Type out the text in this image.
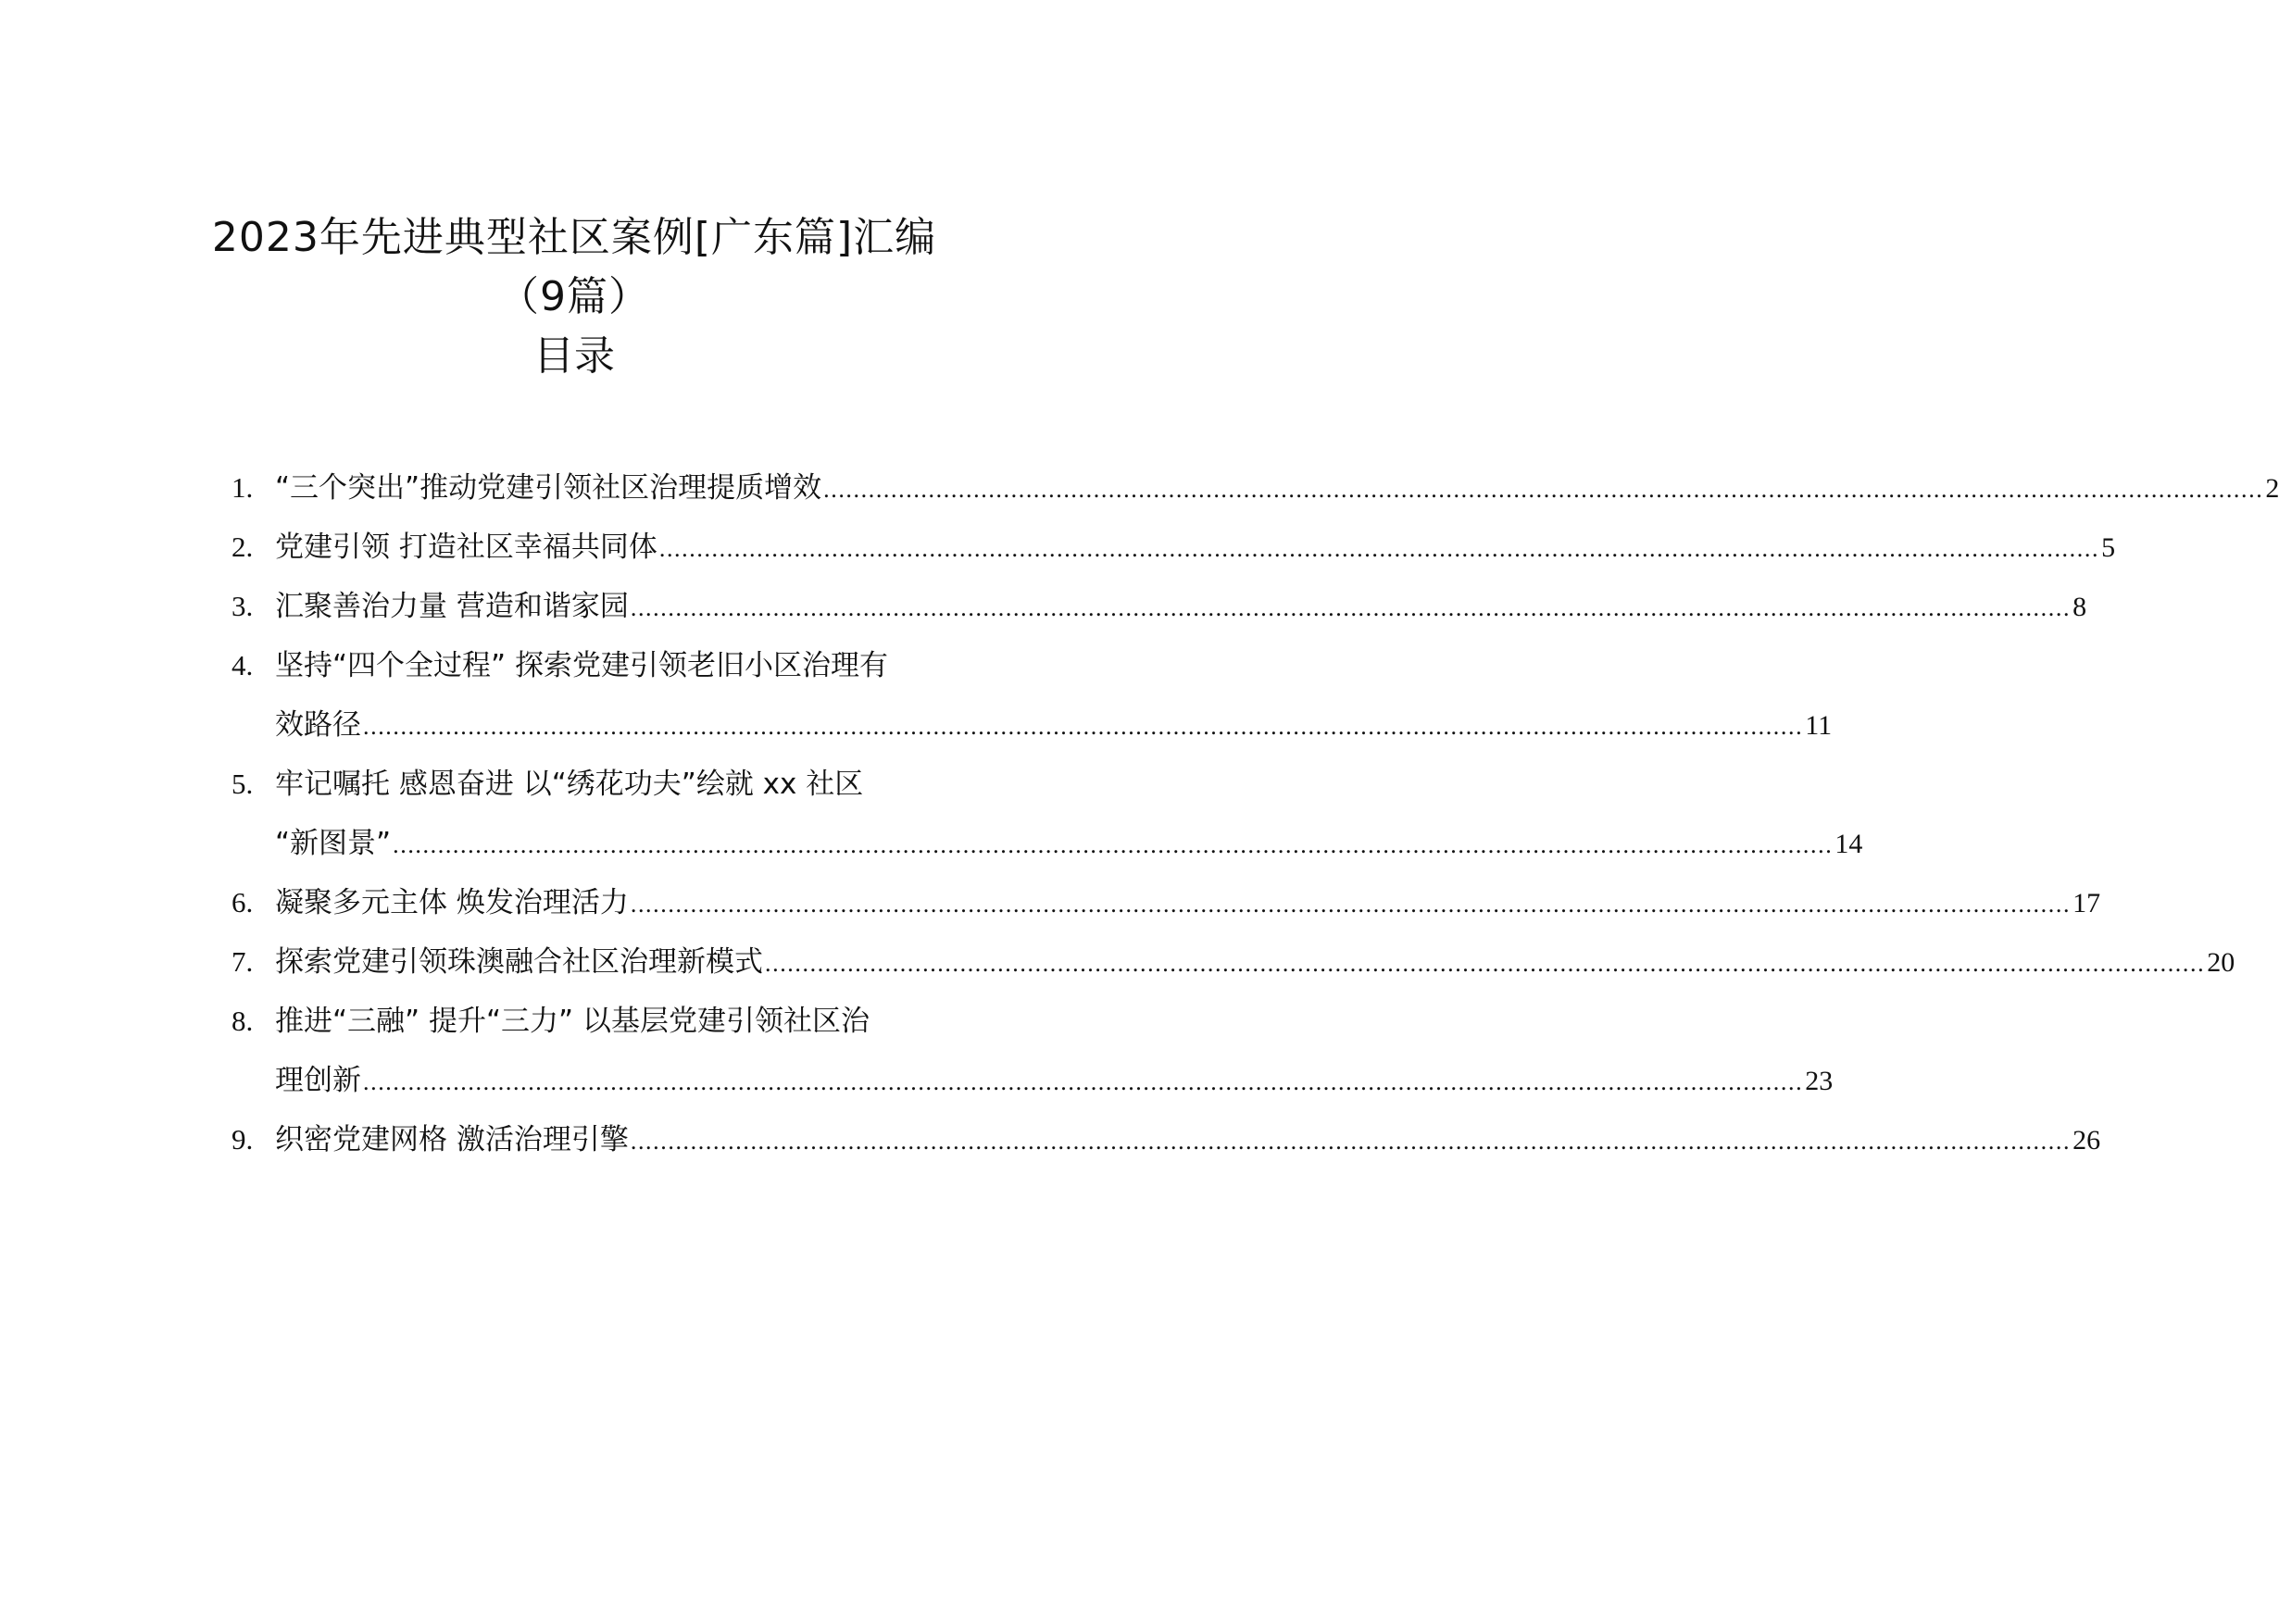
2023年先进典型社区案例[广东篇]汇编
（9篇）
目录
1. “三个突出”推动党建引领社区治理提质增效 .....	2
2. 党建引领 打造社区幸福共同体 .....	5
3. 汇聚善治力量 营造和谐家园 .....	8
4. 坚持“四个全过程” 探索党建引领老旧小区治理有
效路径 .....	11
5. 牢记嘱托 感恩奋进 以“绣花功夫”绘就 xx 社区
“新图景” .....	14
6. 凝聚多元主体 焕发治理活力 .....	17
7. 探索党建引领珠澳融合社区治理新模式 .....	20
8. 推进“三融” 提升“三力” 以基层党建引领社区治
理创新 .....	23
9. 织密党建网格 激活治理引擎 .....	26
